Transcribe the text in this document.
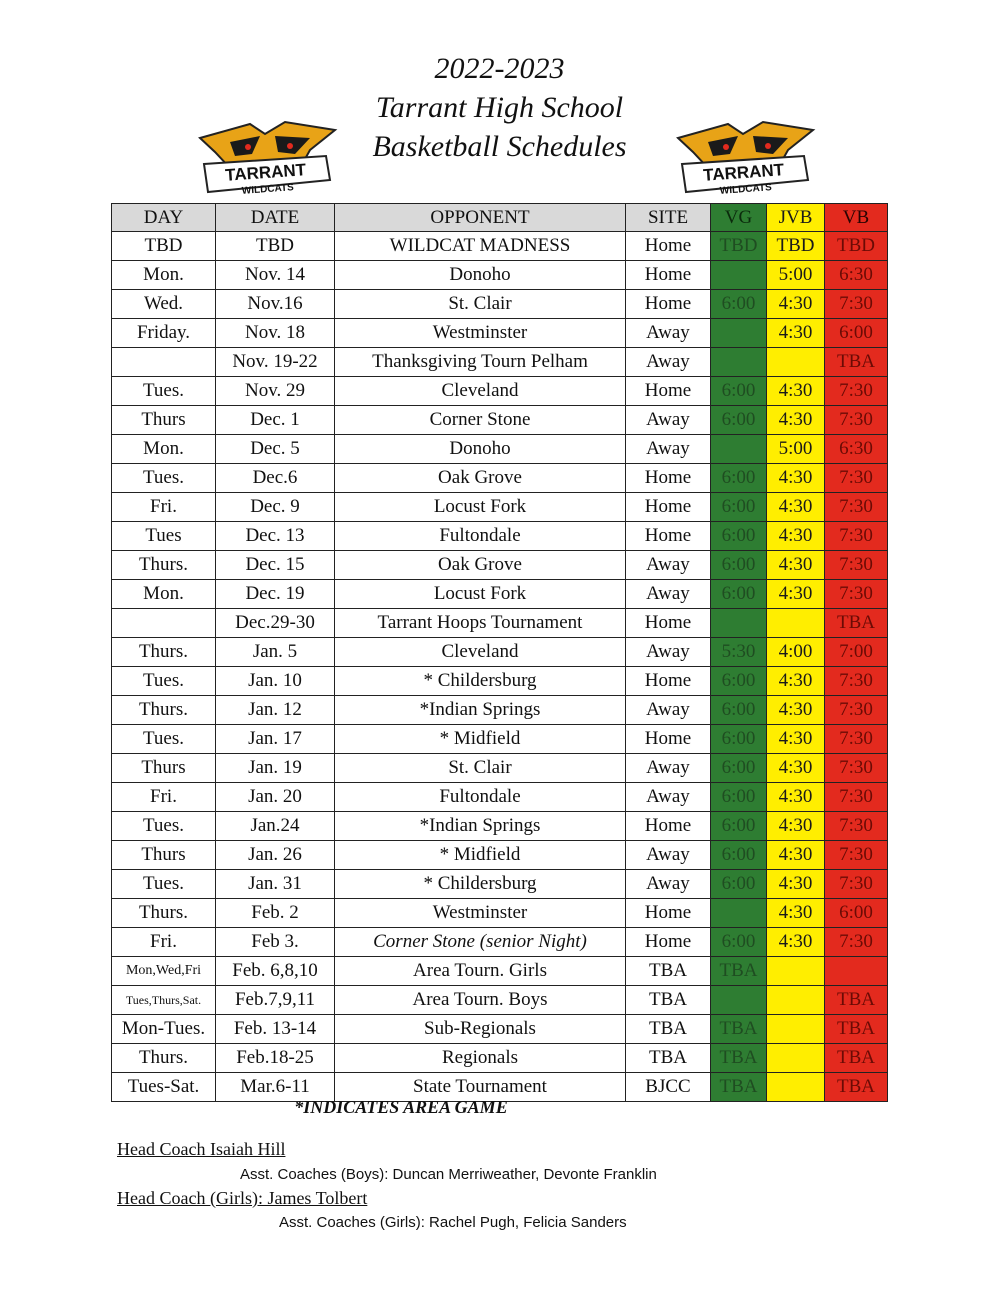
2022-2023
Tarrant High School
Basketball Schedules
TARRANT
WILDCATS
TARRANT
WILDCATS
DAY	DATE	OPPONENT	SITE	VG	JVB	VB
TBD	TBD	WILDCAT MADNESS	Home	TBD	TBD	TBD
Mon.	Nov. 14	Donoho	Home		5:00	6:30
Wed.	Nov.16	St. Clair	Home	6:00	4:30	7:30
Friday.	Nov. 18	Westminster	Away		4:30	6:00
	Nov. 19-22	Thanksgiving Tourn Pelham	Away			TBA
Tues.	Nov. 29	Cleveland	Home	6:00	4:30	7:30
Thurs	Dec. 1	Corner Stone	Away	6:00	4:30	7:30
Mon.	Dec. 5	Donoho	Away		5:00	6:30
Tues.	Dec.6	Oak Grove	Home	6:00	4:30	7:30
Fri.	Dec. 9	Locust Fork	Home	6:00	4:30	7:30
Tues	Dec. 13	Fultondale	Home	6:00	4:30	7:30
Thurs.	Dec. 15	Oak Grove	Away	6:00	4:30	7:30
Mon.	Dec. 19	Locust Fork	Away	6:00	4:30	7:30
	Dec.29-30	Tarrant Hoops Tournament	Home			TBA
Thurs.	Jan. 5	Cleveland	Away	5:30	4:00	7:00
Tues.	Jan. 10	* Childersburg	Home	6:00	4:30	7:30
Thurs.	Jan. 12	*Indian Springs	Away	6:00	4:30	7:30
Tues.	Jan. 17	* Midfield	Home	6:00	4:30	7:30
Thurs	Jan. 19	St. Clair	Away	6:00	4:30	7:30
Fri.	Jan. 20	Fultondale	Away	6:00	4:30	7:30
Tues.	Jan.24	*Indian Springs	Home	6:00	4:30	7:30
Thurs	Jan. 26	* Midfield	Away	6:00	4:30	7:30
Tues.	Jan. 31	* Childersburg	Away	6:00	4:30	7:30
Thurs.	Feb. 2	Westminster	Home		4:30	6:00
Fri.	Feb 3.	Corner Stone (senior Night)	Home	6:00	4:30	7:30
Mon,Wed,Fri	Feb. 6,8,10	Area Tourn. Girls	TBA	TBA		
Tues,Thurs,Sat.	Feb.7,9,11	Area Tourn. Boys	TBA			TBA
Mon-Tues.	Feb. 13-14	Sub-Regionals	TBA	TBA		TBA
Thurs.	Feb.18-25	Regionals	TBA	TBA		TBA
Tues-Sat.	Mar.6-11	State Tournament	BJCC	TBA		TBA
*INDICATES AREA GAME
Head Coach Isaiah Hill
Asst. Coaches (Boys): Duncan Merriweather, Devonte Franklin
Head Coach (Girls): James Tolbert
Asst. Coaches (Girls): Rachel Pugh, Felicia Sanders
